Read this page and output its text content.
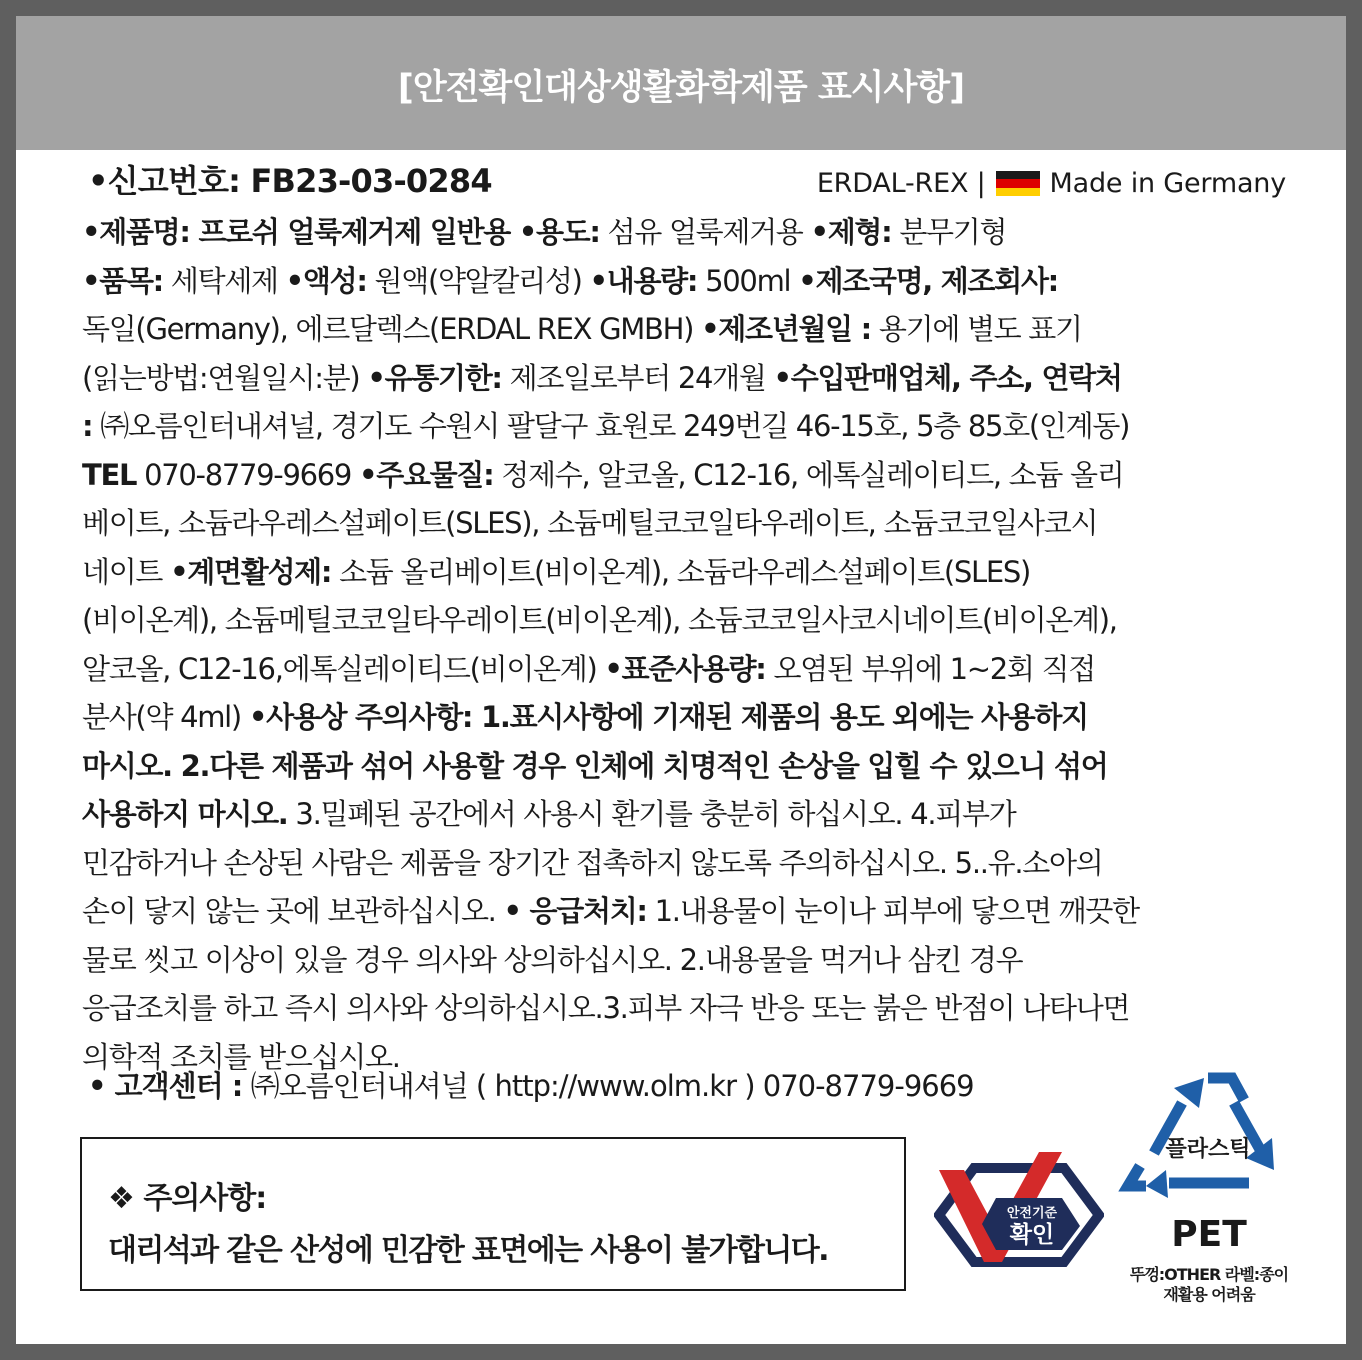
[안전확인대상생활화학제품 표시사항]
•신고번호: FB23-03-0284	ERDAL-REX | Made in Germany
•제품명: 프로쉬 얼룩제거제 일반용 •용도: 섬유 얼룩제거용 •제형: 분무기형
•품목: 세탁세제 •액성: 원액(약알칼리성) •내용량: 500ml •제조국명, 제조회사:
독일(Germany), 에르달렉스(ERDAL REX GMBH) •제조년월일 : 용기에 별도 표기
(읽는방법:연월일시:분) •유통기한: 제조일로부터 24개월 •수입판매업체, 주소, 연락처
: ㈜오름인터내셔널, 경기도 수원시 팔달구 효원로 249번길 46-15호, 5층 85호(인계동)
TEL 070-8779-9669 •주요물질: 정제수, 알코올, C12-16, 에톡실레이티드, 소듐 올리
베이트, 소듐라우레스설페이트(SLES), 소듐메틸코코일타우레이트, 소듐코코일사코시
네이트 •계면활성제: 소듐 올리베이트(비이온계), 소듐라우레스설페이트(SLES)
(비이온계), 소듐메틸코코일타우레이트(비이온계), 소듐코코일사코시네이트(비이온계),
알코올, C12-16,에톡실레이티드(비이온계) •표준사용량: 오염된 부위에 1~2회 직접
분사(약 4ml) •사용상 주의사항: 1.표시사항에 기재된 제품의 용도 외에는 사용하지
마시오. 2.다른 제품과 섞어 사용할 경우 인체에 치명적인 손상을 입힐 수 있으니 섞어
사용하지 마시오. 3.밀폐된 공간에서 사용시 환기를 충분히 하십시오. 4.피부가
민감하거나 손상된 사람은 제품을 장기간 접촉하지 않도록 주의하십시오. 5..유.소아의
손이 닿지 않는 곳에 보관하십시오. • 응급처치: 1.내용물이 눈이나 피부에 닿으면 깨끗한
물로 씻고 이상이 있을 경우 의사와 상의하십시오. 2.내용물을 먹거나 삼킨 경우
응급조치를 하고 즉시 의사와 상의하십시오.3.피부 자극 반응 또는 붉은 반점이 나타나면
의학적 조치를 받으십시오.
• 고객센터 : ㈜오름인터내셔널 ( http://www.olm.kr ) 070-8779-9669
❖ 주의사항:
대리석과 같은 산성에 민감한 표면에는 사용이 불가합니다.
안전기준
확인
플라스틱
PET
뚜껑:OTHER 라벨:종이
재활용 어려움
